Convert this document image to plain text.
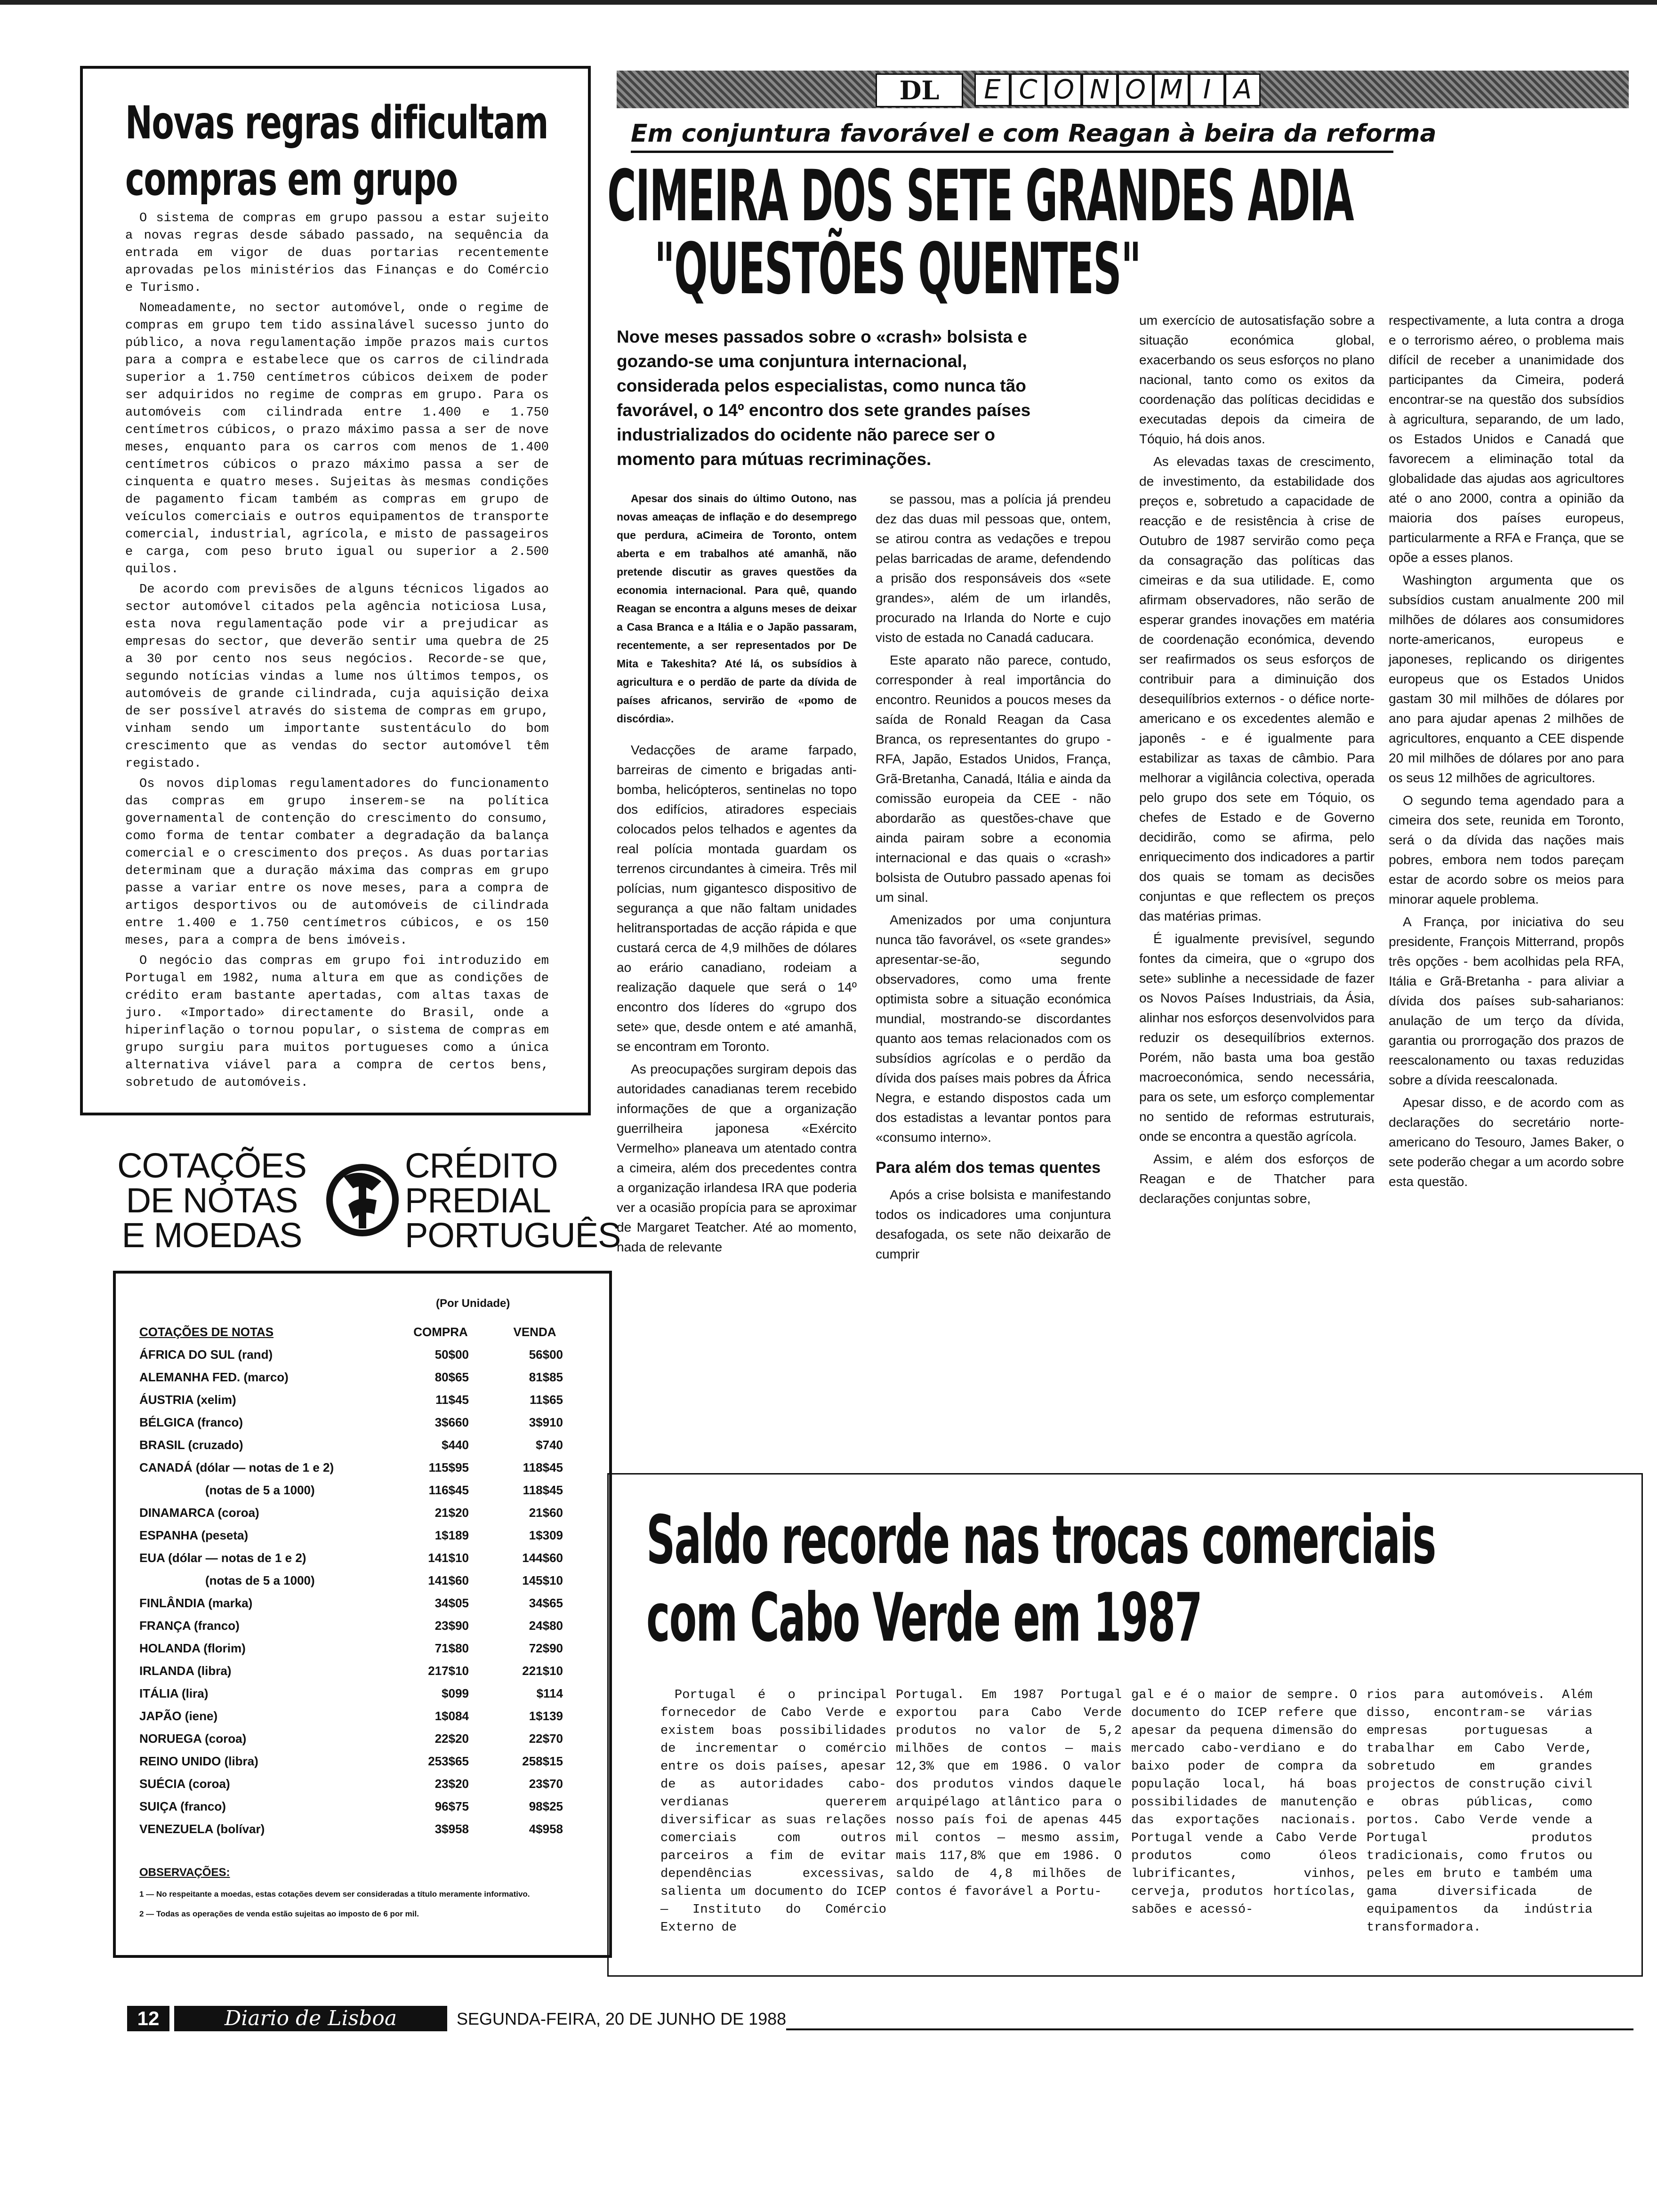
Novas regras dificultam
compras em grupo

O sistema de compras em grupo passou a estar sujeito a novas regras desde sábado passado, na sequência da entrada em vigor de duas portarias recentemente aprovadas pelos ministérios das Finanças e do Comércio e Turismo.

Nomeadamente, no sector automóvel, onde o regime de compras em grupo tem tido assinalável sucesso junto do público, a nova regulamentação impõe prazos mais curtos para a compra e estabelece que os carros de cilindrada superior a 1.750 centímetros cúbicos deixem de poder ser adquiridos no regime de compras em grupo. Para os automóveis com cilindrada entre 1.400 e 1.750 centímetros cúbicos, o prazo máximo passa a ser de nove meses, enquanto para os carros com menos de 1.400 centímetros cúbicos o prazo máximo passa a ser de cinquenta e quatro meses. Sujeitas às mesmas condições de pagamento ficam também as compras em grupo de veículos comerciais e outros equipamentos de transporte comercial, industrial, agrícola, e misto de passageiros e carga, com peso bruto igual ou superior a 2.500 quilos.

De acordo com previsões de alguns técnicos ligados ao sector automóvel citados pela agência noticiosa Lusa, esta nova regulamentação pode vir a prejudicar as empresas do sector, que deverão sentir uma quebra de 25 a 30 por cento nos seus negócios. Recorde-se que, segundo notícias vindas a lume nos últimos tempos, os automóveis de grande cilindrada, cuja aquisição deixa de ser possível através do sistema de compras em grupo, vinham sendo um importante sustentáculo do bom crescimento que as vendas do sector automóvel têm registado.

Os novos diplomas regulamentadores do funcionamento das compras em grupo inserem-se na política governamental de contenção do crescimento do consumo, como forma de tentar combater a degradação da balança comercial e o crescimento dos preços. As duas portarias determinam que a duração máxima das compras em grupo passe a variar entre os nove meses, para a compra de artigos desportivos ou de automóveis de cilindrada entre 1.400 e 1.750 centímetros cúbicos, e os 150 meses, para a compra de bens imóveis.

O negócio das compras em grupo foi introduzido em Portugal em 1982, numa altura em que as condições de crédito eram bastante apertadas, com altas taxas de juro. «Importado» directamente do Brasil, onde a hiperinflação o tornou popular, o sistema de compras em grupo surgiu para muitos portugueses como a única alternativa viável para a compra de certos bens, sobretudo de automóveis.

DL	E C O N O M I A
Em conjuntura favorável e com Reagan à beira da reforma
CIMEIRA DOS SETE GRANDES ADIA
"QUESTÕES QUENTES"
Nove meses passados sobre o «crash» bolsista e gozando-se uma conjuntura internacional, considerada pelos especialistas, como nunca tão favorável, o 14º encontro dos sete grandes países industrializados do ocidente não parece ser o momento para mútuas recriminações.

Apesar dos sinais do último Outono, nas novas ameaças de inflação e do desemprego que perdura, aCimeira de Toronto, ontem aberta e em trabalhos até amanhã, não pretende discutir as graves questões da economia internacional. Para quê, quando Reagan se encontra a alguns meses de deixar a Casa Branca e a Itália e o Japão passaram, recentemente, a ser representados por De Mita e Takeshita? Até lá, os subsídios à agricultura e o perdão de parte da dívida de países africanos, servirão de «pomo de discórdia».

Vedacções de arame farpado, barreiras de cimento e brigadas anti-bomba, helicópteros, sentinelas no topo dos edifícios, atiradores especiais colocados pelos telhados e agentes da real polícia montada guardam os terrenos circundantes à cimeira. Três mil polícias, num gigantesco dispositivo de segurança a que não faltam unidades helitransportadas de acção rápida e que custará cerca de 4,9 milhões de dólares ao erário canadiano, rodeiam a realização daquele que será o 14º encontro dos líderes do «grupo dos sete» que, desde ontem e até amanhã, se encontram em Toronto.

As preocupações surgiram depois das autoridades canadianas terem recebido informações de que a organização guerrilheira japonesa «Exército Vermelho» planeava um atentado contra a cimeira, além dos precedentes contra a organização irlandesa IRA que poderia ver a ocasião propícia para se aproximar de Margaret Teatcher. Até ao momento, nada de relevante

se passou, mas a polícia já prendeu dez das duas mil pessoas que, ontem, se atirou contra as vedações e trepou pelas barricadas de arame, defendendo a prisão dos responsáveis dos «sete grandes», além de um irlandês, procurado na Irlanda do Norte e cujo visto de estada no Canadá caducara.

Este aparato não parece, contudo, corresponder à real importância do encontro. Reunidos a poucos meses da saída de Ronald Reagan da Casa Branca, os representantes do grupo - RFA, Japão, Estados Unidos, França, Grã-Bretanha, Canadá, Itália e ainda da comissão europeia da CEE - não abordarão as questões-chave que ainda pairam sobre a economia internacional e das quais o «crash» bolsista de Outubro passado apenas foi um sinal.

Amenizados por uma conjuntura nunca tão favorável, os «sete grandes» apresentar-se-ão, segundo observadores, como uma frente optimista sobre a situação económica mundial, mostrando-se discordantes quanto aos temas relacionados com os subsídios agrícolas e o perdão da dívida dos países mais pobres da África Negra, e estando dispostos cada um dos estadistas a levantar pontos para «consumo interno».

Para além dos temas quentes

Após a crise bolsista e manifestando todos os indicadores uma conjuntura desafogada, os sete não deixarão de cumprir

um exercício de autosatisfação sobre a situação económica global, exacerbando os seus esforços no plano nacional, tanto como os exitos da coordenação das políticas decididas e executadas depois da cimeira de Tóquio, há dois anos.

As elevadas taxas de crescimento, de investimento, da estabilidade dos preços e, sobretudo a capacidade de reacção e de resistência à crise de Outubro de 1987 servirão como peça da consagração das políticas das cimeiras e da sua utilidade. E, como afirmam observadores, não serão de esperar grandes inovações em matéria de coordenação económica, devendo ser reafirmados os seus esforços de contribuir para a diminuição dos desequilíbrios externos - o défice norte-americano e os excedentes alemão e japonês - e é igualmente para estabilizar as taxas de câmbio. Para melhorar a vigilância colectiva, operada pelo grupo dos sete em Tóquio, os chefes de Estado e de Governo decidirão, como se afirma, pelo enriquecimento dos indicadores a partir dos quais se tomam as decisões conjuntas e que reflectem os preços das matérias primas.

É igualmente previsível, segundo fontes da cimeira, que o «grupo dos sete» sublinhe a necessidade de fazer os Novos Países Industriais, da Ásia, alinhar nos esforços desenvolvidos para reduzir os desequilíbrios externos. Porém, não basta uma boa gestão macroeconómica, sendo necessária, para os sete, um esforço complementar no sentido de reformas estruturais, onde se encontra a questão agrícola.

Assim, e além dos esforços de Reagan e de Thatcher para declarações conjuntas sobre,

respectivamente, a luta contra a droga e o terrorismo aéreo, o problema mais difícil de receber a unanimidade dos participantes da Cimeira, poderá encontrar-se na questão dos subsídios à agricultura, separando, de um lado, os Estados Unidos e Canadá que favorecem a eliminação total da globalidade das ajudas aos agricultores até o ano 2000, contra a opinião da maioria dos países europeus, particularmente a RFA e França, que se opõe a esses planos.

Washington argumenta que os subsídios custam anualmente 200 mil milhões de dólares aos consumidores norte-americanos, europeus e japoneses, replicando os dirigentes europeus que os Estados Unidos gastam 30 mil milhões de dólares por ano para ajudar apenas 2 milhões de agricultores, enquanto a CEE dispende 20 mil milhões de dólares por ano para os seus 12 milhões de agricultores.

O segundo tema agendado para a cimeira dos sete, reunida em Toronto, será o da dívida das nações mais pobres, embora nem todos pareçam estar de acordo sobre os meios para minorar aquele problema.

A França, por iniciativa do seu presidente, François Mitterrand, propôs três opções - bem acolhidas pela RFA, Itália e Grã-Bretanha - para aliviar a dívida dos países sub-saharianos: anulação de um terço da dívida, garantia ou prorrogação dos prazos de reescalonamento ou taxas reduzidas sobre a dívida reescalonada.

Apesar disso, e de acordo com as declarações do secretário norte-americano do Tesouro, James Baker, o sete poderão chegar a um acordo sobre esta questão.

COTAÇÕES
DE NOTAS
E MOEDAS
CRÉDITO
PREDIAL
PORTUGUÊS
(Por Unidade)
COTAÇÕES DE NOTAS	COMPRA	VENDA
ÁFRICA DO SUL (rand)	50$00	56$00
ALEMANHA FED. (marco)	80$65	81$85
ÁUSTRIA (xelim)	11$45	11$65
BÉLGICA (franco)	3$660	3$910
BRASIL (cruzado)	$440	$740
CANADÁ (dólar — notas de 1 e 2)	115$95	118$45
(notas de 5 a 1000)	116$45	118$45
DINAMARCA (coroa)	21$20	21$60
ESPANHA (peseta)	1$189	1$309
EUA (dólar — notas de 1 e 2)	141$10	144$60
(notas de 5 a 1000)	141$60	145$10
FINLÂNDIA (marka)	34$05	34$65
FRANÇA (franco)	23$90	24$80
HOLANDA (florim)	71$80	72$90
IRLANDA (libra)	217$10	221$10
ITÁLIA (lira)	$099	$114
JAPÃO (iene)	1$084	1$139
NORUEGA (coroa)	22$20	22$70
REINO UNIDO (libra)	253$65	258$15
SUÉCIA (coroa)	23$20	23$70
SUIÇA (franco)	96$75	98$25
VENEZUELA (bolívar)	3$958	4$958
OBSERVAÇÕES:
1 — No respeitante a moedas, estas cotações devem ser consideradas a título meramente informativo.
2 — Todas as operações de venda estão sujeitas ao imposto de 6 por mil.
Saldo recorde nas trocas comerciais
com Cabo Verde em 1987
Portugal é o principal fornecedor de Cabo Verde e existem boas possibilidades de incrementar o comércio entre os dois países, apesar de as autoridades cabo-verdianas quererem diversificar as suas relações comerciais com outros parceiros a fim de evitar dependências excessivas, salienta um documento do ICEP — Instituto do Comércio Externo de
Portugal. Em 1987 Portugal exportou para Cabo Verde produtos no valor de 5,2 milhões de contos — mais 12,3% que em 1986. O valor dos produtos vindos daquele arquipélago atlântico para o nosso país foi de apenas 445 mil contos — mesmo assim, mais 117,8% que em 1986. O saldo de 4,8 milhões de contos é favorável a Portu-
gal e é o maior de sempre. O documento do ICEP refere que apesar da pequena dimensão do mercado cabo-verdiano e do baixo poder de compra da população local, há boas possibilidades de manutenção das exportações nacionais. Portugal vende a Cabo Verde produtos como óleos lubrificantes, vinhos, cerveja, produtos hortícolas, sabões e acessó-
rios para automóveis. Além disso, encontram-se várias empresas portuguesas a trabalhar em Cabo Verde, sobretudo em grandes projectos de construção civil e obras públicas, como portos. Cabo Verde vende a Portugal produtos tradicionais, como frutos ou peles em bruto e também uma gama diversificada de equipamentos da indústria transformadora.
12	Diario de Lisboa	SEGUNDA-FEIRA, 20 DE JUNHO DE 1988
